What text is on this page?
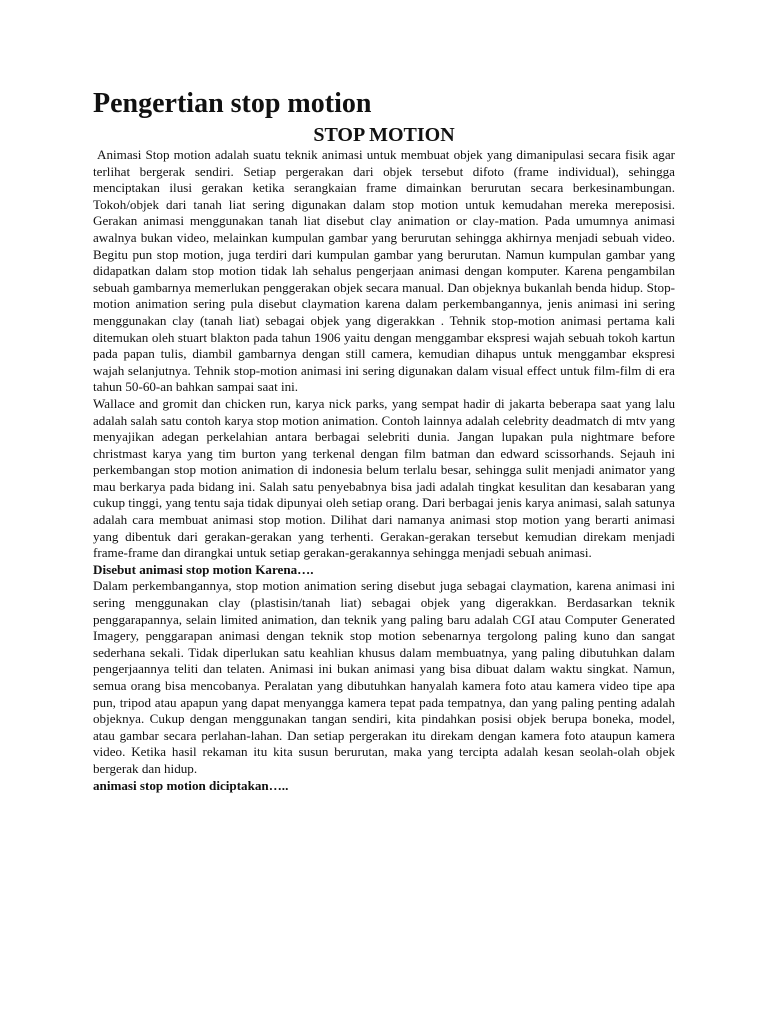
Pengertian stop motion
STOP MOTION

Animasi Stop motion adalah suatu teknik animasi untuk membuat objek yang dimanipulasi secara fisik agar terlihat bergerak sendiri. Setiap pergerakan dari objek tersebut difoto (frame individual), sehingga menciptakan ilusi gerakan ketika serangkaian frame dimainkan berurutan secara berkesinambungan. Tokoh/objek dari tanah liat sering digunakan dalam stop motion untuk kemudahan mereka mereposisi. Gerakan animasi menggunakan tanah liat disebut clay animation or clay-mation. Pada umumnya animasi awalnya bukan video, melainkan kumpulan gambar yang berurutan sehingga akhirnya menjadi sebuah video. Begitu pun stop motion, juga terdiri dari kumpulan gambar yang berurutan. Namun kumpulan gambar yang didapatkan dalam stop motion tidak lah sehalus pengerjaan animasi dengan komputer. Karena pengambilan sebuah gambarnya memerlukan penggerakan objek secara manual. Dan objeknya bukanlah benda hidup. Stop-motion animation sering pula disebut claymation karena dalam perkembangannya, jenis animasi ini sering menggunakan clay (tanah liat) sebagai objek yang digerakkan . Tehnik stop-motion animasi pertama kali ditemukan oleh stuart blakton pada tahun 1906 yaitu dengan menggambar ekspresi wajah sebuah tokoh kartun pada papan tulis, diambil gambarnya dengan still camera, kemudian dihapus untuk menggambar ekspresi wajah selanjutnya. Tehnik stop-motion animasi ini sering digunakan dalam visual effect untuk film-film di era tahun 50-60-an bahkan sampai saat ini.

Wallace and gromit dan chicken run, karya nick parks, yang sempat hadir di jakarta beberapa saat yang lalu adalah salah satu contoh karya stop motion animation. Contoh lainnya adalah celebrity deadmatch di mtv yang menyajikan adegan perkelahian antara berbagai selebriti dunia. Jangan lupakan pula nightmare before christmast karya yang tim burton yang terkenal dengan film batman dan edward scissorhands. Sejauh ini perkembangan stop motion animation di indonesia belum terlalu besar, sehingga sulit menjadi animator yang mau berkarya pada bidang ini. Salah satu penyebabnya bisa jadi adalah tingkat kesulitan dan kesabaran yang cukup tinggi, yang tentu saja tidak dipunyai oleh setiap orang. Dari berbagai jenis karya animasi, salah satunya adalah cara membuat animasi stop motion. Dilihat dari namanya animasi stop motion yang berarti animasi yang dibentuk dari gerakan-gerakan yang terhenti. Gerakan-gerakan tersebut kemudian direkam menjadi frame-frame dan dirangkai untuk setiap gerakan-gerakannya sehingga menjadi sebuah animasi.

Disebut animasi stop motion Karena….

Dalam perkembangannya, stop motion animation sering disebut juga sebagai claymation, karena animasi ini sering menggunakan clay (plastisin/tanah liat) sebagai objek yang digerakkan. Berdasarkan teknik penggarapannya, selain limited animation, dan teknik yang paling baru adalah CGI atau Computer Generated Imagery, penggarapan animasi dengan teknik stop motion sebenarnya tergolong paling kuno dan sangat sederhana sekali. Tidak diperlukan satu keahlian khusus dalam membuatnya, yang paling dibutuhkan dalam pengerjaannya teliti dan telaten. Animasi ini bukan animasi yang bisa dibuat dalam waktu singkat. Namun, semua orang bisa mencobanya. Peralatan yang dibutuhkan hanyalah kamera foto atau kamera video tipe apa pun, tripod atau apapun yang dapat menyangga kamera tepat pada tempatnya, dan yang paling penting adalah objeknya. Cukup dengan menggunakan tangan sendiri, kita pindahkan posisi objek berupa boneka, model, atau gambar secara perlahan-lahan. Dan setiap pergerakan itu direkam dengan kamera foto ataupun kamera video. Ketika hasil rekaman itu kita susun berurutan, maka yang tercipta adalah kesan seolah-olah objek bergerak dan hidup.

animasi stop motion diciptakan…..
